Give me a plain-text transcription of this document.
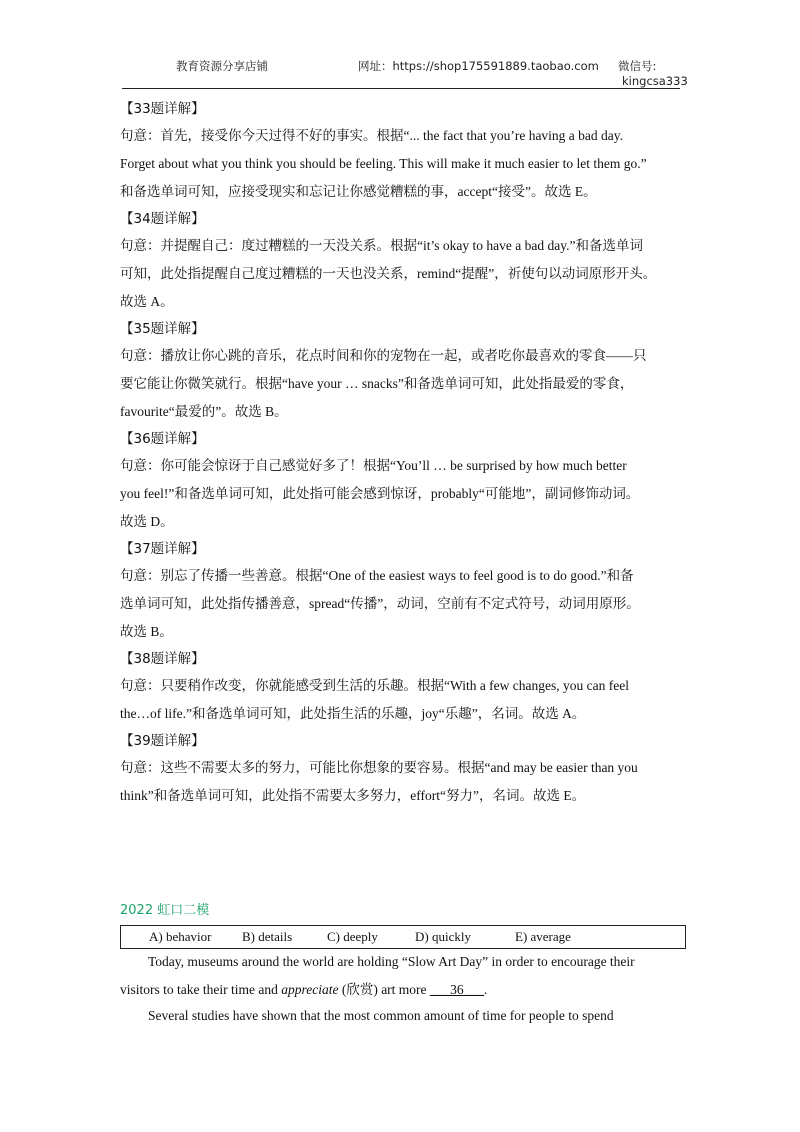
教育资源分享店铺	网址：https://shop175591889.taobao.com 微信号:
kingcsa333
【33题详解】
句意：首先，接受你今天过得不好的事实。根据“... the fact that you’re having a bad day.
Forget about what you think you should be feeling. This will make it much easier to let them go.”
和备选单词可知，应接受现实和忘记让你感觉糟糕的事，accept“接受”。故选 E。
【34题详解】
句意：并提醒自己：度过糟糕的一天没关系。根据“it’s okay to have a bad day.”和备选单词
可知，此处指提醒自己度过糟糕的一天也没关系，remind“提醒”，祈使句以动词原形开头。
故选 A。
【35题详解】
句意：播放让你心跳的音乐，花点时间和你的宠物在一起，或者吃你最喜欢的零食——只
要它能让你微笑就行。根据“have your … snacks”和备选单词可知，此处指最爱的零食，
favourite“最爱的”。故选 B。
【36题详解】
句意：你可能会惊讶于自己感觉好多了！根据“You’ll … be surprised by how much better
you feel!”和备选单词可知，此处指可能会感到惊讶，probably“可能地”，副词修饰动词。
故选 D。
【37题详解】
句意：别忘了传播一些善意。根据“One of the easiest ways to feel good is to do good.”和备
选单词可知，此处指传播善意，spread“传播”，动词，空前有不定式符号，动词用原形。
故选 B。
【38题详解】
句意：只要稍作改变，你就能感受到生活的乐趣。根据“With a few changes, you can feel
the…of life.”和备选单词可知，此处指生活的乐趣，joy“乐趣”，名词。故选 A。
【39题详解】
句意：这些不需要太多的努力，可能比你想象的要容易。根据“and may be easier than you
think”和备选单词可知，此处指不需要太多努力，effort“努力”，名词。故选 E。
2022 虹口二模
A) behavior B) details	C) deeply	D) quickly	E) average
Today, museums around the world are holding “Slow Art Day” in order to encourage their
visitors to take their time and appreciate (欣赏) art more ___36___.
Several studies have shown that the most common amount of time for people to spend
